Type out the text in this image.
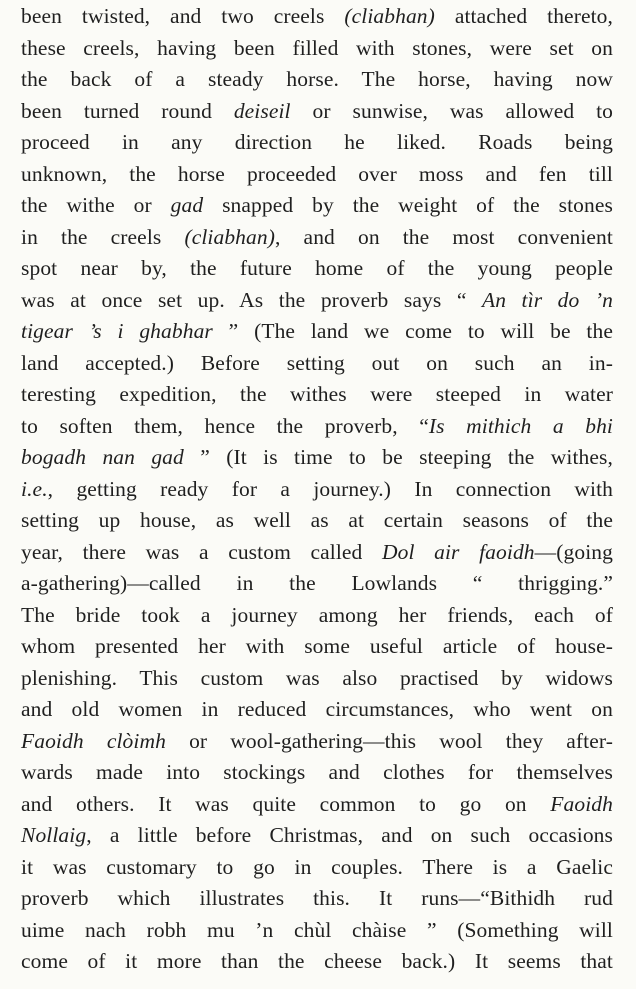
been twisted, and two creels (cliabhan) attached thereto,
these creels, having been filled with stones, were set on
the back of a steady horse. The horse, having now
been turned round deiseil or sunwise, was allowed to
proceed in any direction he liked. Roads being
unknown, the horse proceeded over moss and fen till
the withe or gad snapped by the weight of the stones
in the creels (cliabhan), and on the most convenient
spot near by, the future home of the young people
was at once set up. As the proverb says “ An tìr do ’n
tigear ’s i ghabhar ” (The land we come to will be the
land accepted.) Before setting out on such an in-
teresting expedition, the withes were steeped in water
to soften them, hence the proverb, “Is mithich a bhi
bogadh nan gad ” (It is time to be steeping the withes,
i.e., getting ready for a journey.) In connection with
setting up house, as well as at certain seasons of the
year, there was a custom called Dol air faoidh—(going
a-gathering)—called in the Lowlands “ thrigging.”
The bride took a journey among her friends, each of
whom presented her with some useful article of house-
plenishing. This custom was also practised by widows
and old women in reduced circumstances, who went on
Faoidh clòimh or wool-gathering—this wool they after-
wards made into stockings and clothes for themselves
and others. It was quite common to go on Faoidh
Nollaig, a little before Christmas, and on such occasions
it was customary to go in couples. There is a Gaelic
proverb which illustrates this. It runs—“Bithidh rud
uime nach robh mu ’n chùl chàise ” (Something will
come of it more than the cheese back.) It seems that
